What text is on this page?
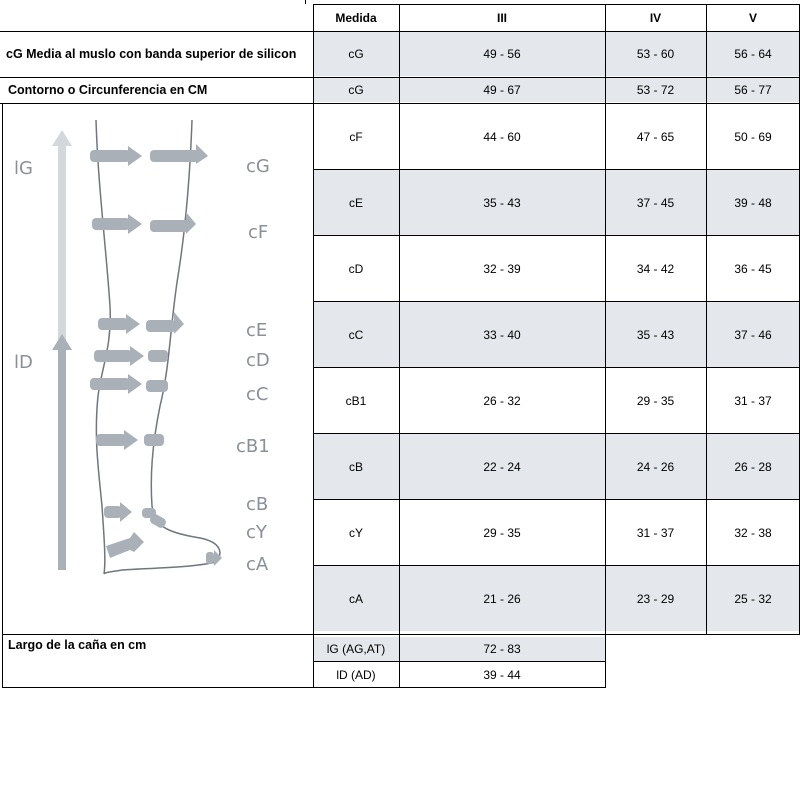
Medida	III	IV	V
cG Media al muslo con banda superior de silicon	cG	49 - 56	53 - 60	56 - 64
Contorno o Circunferencia en CM	cG	49 - 67	53 - 72	56 - 77
cF	44 - 60	47 - 65	50 - 69
cE	35 - 43	37 - 45	39 - 48
cD	32 - 39	34 - 42	36 - 45
cC	33 - 40	35 - 43	37 - 46
cB1	26 - 32	29 - 35	31 - 37
cB	22 - 24	24 - 26	26 - 28
cY	29 - 35	31 - 37	32 - 38
cA	21 - 26	23 - 29	25 - 32
Largo de la caña en cm	lG (AG,AT)	72 - 83
lD (AD)	39 - 44
lG
lD
cG
cF
cE
cD
cC
cB1
cB
cY
cA
